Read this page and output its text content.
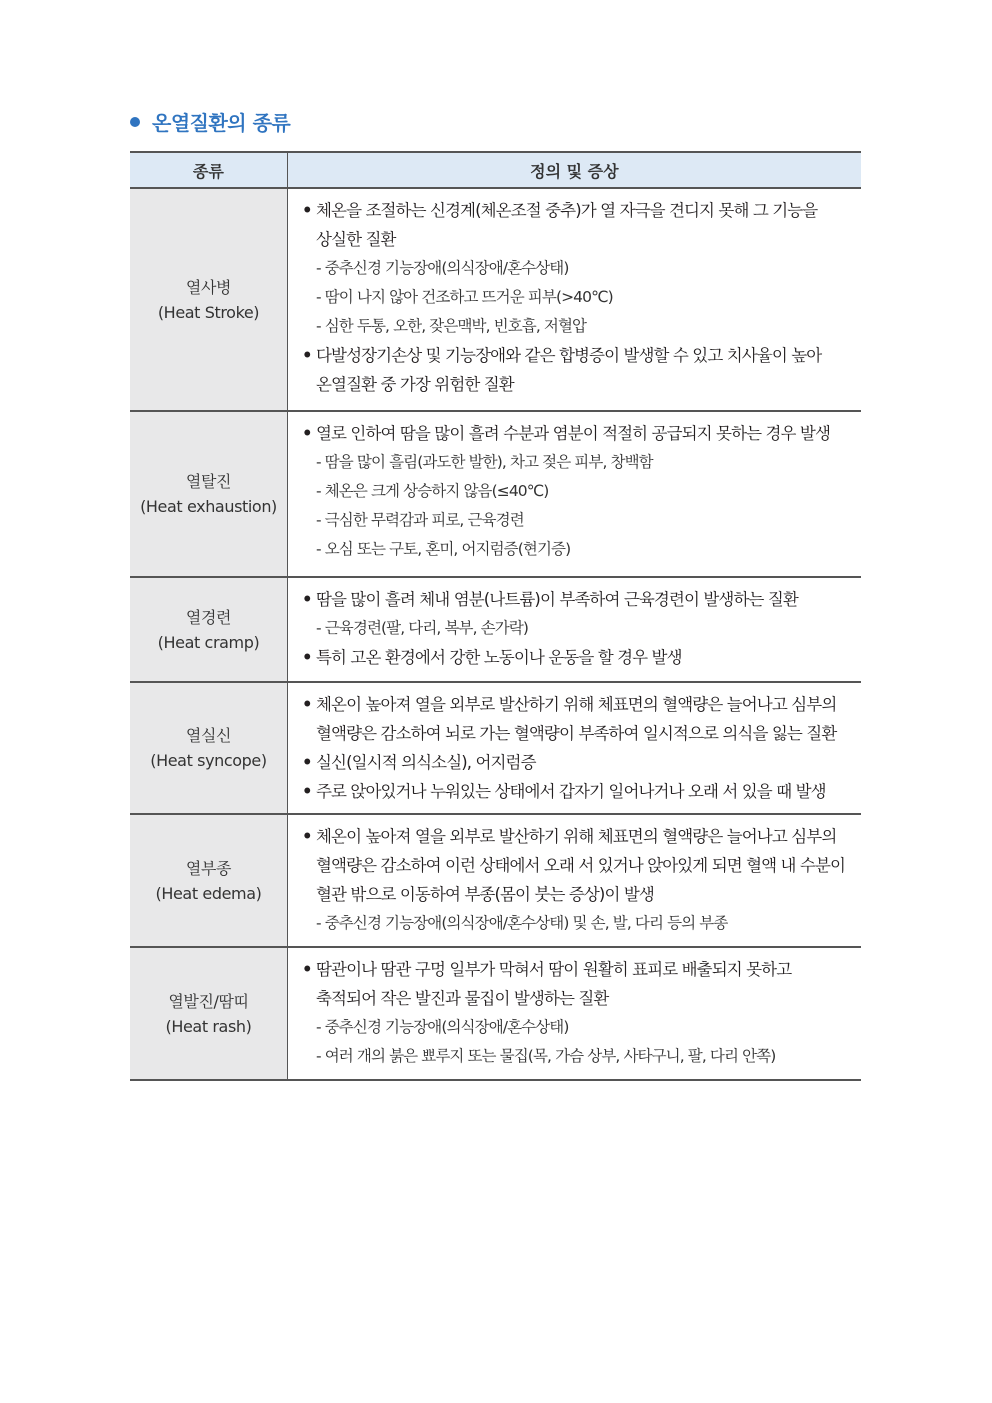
온열질환의 종류
종류	정의 및 증상
열사병
(Heat Stroke)
• 체온을 조절하는 신경계(체온조절 중추)가 열 자극을 견디지 못해 그 기능을
상실한 질환
- 중추신경 기능장애(의식장애/혼수상태)
- 땀이 나지 않아 건조하고 뜨거운 피부(>40℃)
- 심한 두통, 오한, 잦은맥박, 빈호흡, 저혈압
• 다발성장기손상 및 기능장애와 같은 합병증이 발생할 수 있고 치사율이 높아
온열질환 중 가장 위험한 질환
열탈진
(Heat exhaustion)
• 열로 인하여 땀을 많이 흘려 수분과 염분이 적절히 공급되지 못하는 경우 발생
- 땀을 많이 흘림(과도한 발한), 차고 젖은 피부, 창백함
- 체온은 크게 상승하지 않음(≤40℃)
- 극심한 무력감과 피로, 근육경련
- 오심 또는 구토, 혼미, 어지럼증(현기증)
열경련
(Heat cramp)
• 땀을 많이 흘려 체내 염분(나트륨)이 부족하여 근육경련이 발생하는 질환
- 근육경련(팔, 다리, 복부, 손가락)
• 특히 고온 환경에서 강한 노동이나 운동을 할 경우 발생
열실신
(Heat syncope)
• 체온이 높아져 열을 외부로 발산하기 위해 체표면의 혈액량은 늘어나고 심부의
혈액량은 감소하여 뇌로 가는 혈액량이 부족하여 일시적으로 의식을 잃는 질환
• 실신(일시적 의식소실), 어지럼증
• 주로 앉아있거나 누워있는 상태에서 갑자기 일어나거나 오래 서 있을 때 발생
열부종
(Heat edema)
• 체온이 높아져 열을 외부로 발산하기 위해 체표면의 혈액량은 늘어나고 심부의
혈액량은 감소하여 이런 상태에서 오래 서 있거나 앉아있게 되면 혈액 내 수분이
혈관 밖으로 이동하여 부종(몸이 붓는 증상)이 발생
- 중추신경 기능장애(의식장애/혼수상태) 및 손, 발, 다리 등의 부종
열발진/땀띠
(Heat rash)
• 땀관이나 땀관 구멍 일부가 막혀서 땀이 원활히 표피로 배출되지 못하고
축적되어 작은 발진과 물집이 발생하는 질환
- 중추신경 기능장애(의식장애/혼수상태)
- 여러 개의 붉은 뾰루지 또는 물집(목, 가슴 상부, 사타구니, 팔, 다리 안쪽)
